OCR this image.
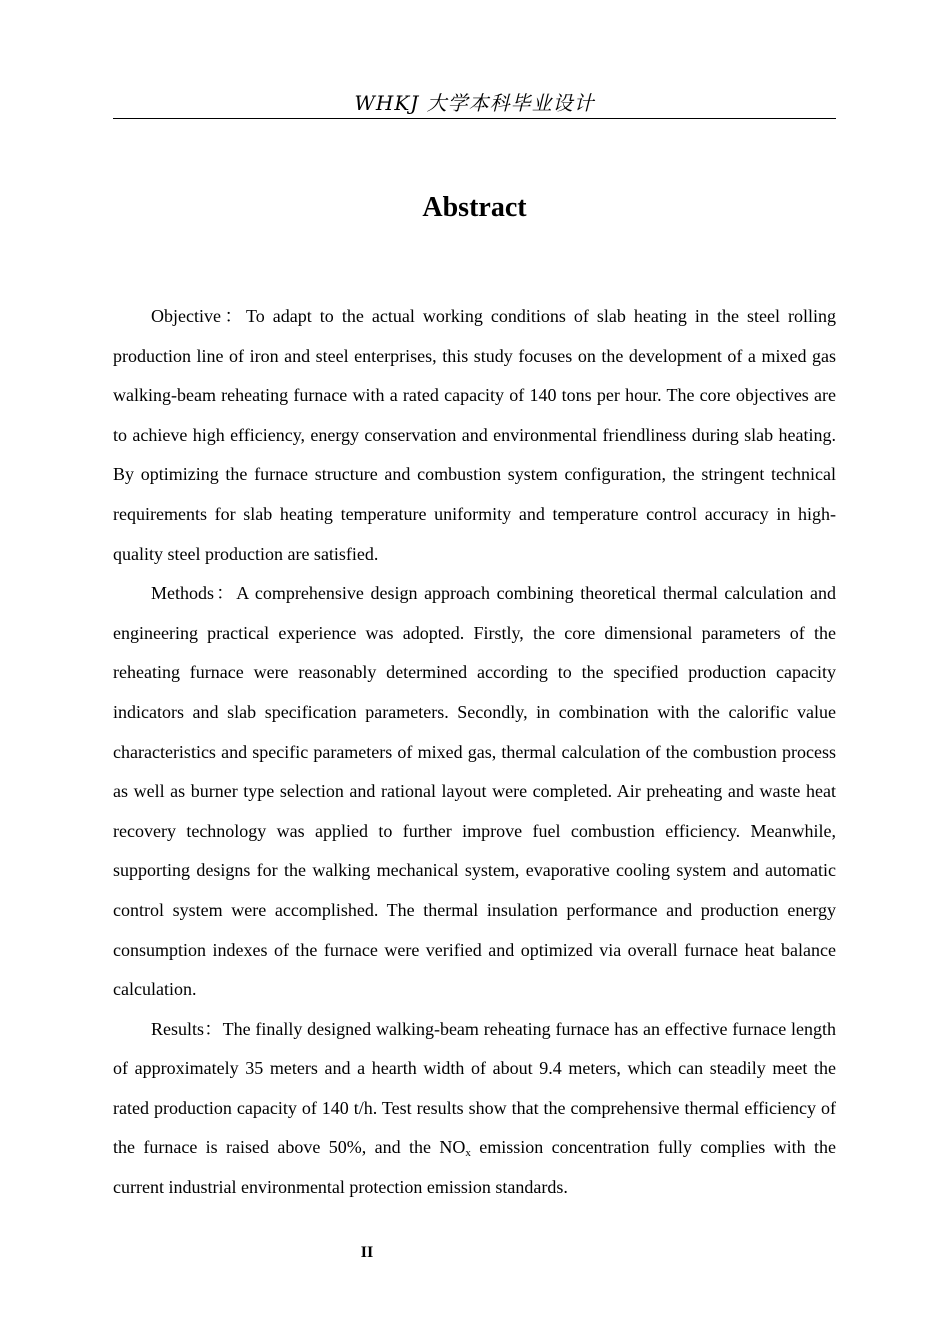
WHKJ 大学本科毕业设计
Abstract

Objective：To adapt to the actual working conditions of slab heating in the steel rolling production line of iron and steel enterprises, this study focuses on the development of a mixed gas walking-beam reheating furnace with a rated capacity of 140 tons per hour. The core objectives are to achieve high efficiency, energy conservation and environmental friendliness during slab heating. By optimizing the furnace structure and combustion system configuration, the stringent technical requirements for slab heating temperature uniformity and temperature control accuracy in high-quality steel production are satisfied.

Methods：A comprehensive design approach combining theoretical thermal calculation and engineering practical experience was adopted. Firstly, the core dimensional parameters of the reheating furnace were reasonably determined according to the specified production capacity indicators and slab specification parameters. Secondly, in combination with the calorific value characteristics and specific parameters of mixed gas, thermal calculation of the combustion process as well as burner type selection and rational layout were completed. Air preheating and waste heat recovery technology was applied to further improve fuel combustion efficiency. Meanwhile, supporting designs for the walking mechanical system, evaporative cooling system and automatic control system were accomplished. The thermal insulation performance and production energy consumption indexes of the furnace were verified and optimized via overall furnace heat balance calculation.

Results：The finally designed walking-beam reheating furnace has an effective furnace length of approximately 35 meters and a hearth width of about 9.4 meters, which can steadily meet the rated production capacity of 140 t/h. Test results show that the comprehensive thermal efficiency of the furnace is raised above 50%, and the $NO_x$ emission concentration fully complies with the current industrial environmental protection emission standards.

II
